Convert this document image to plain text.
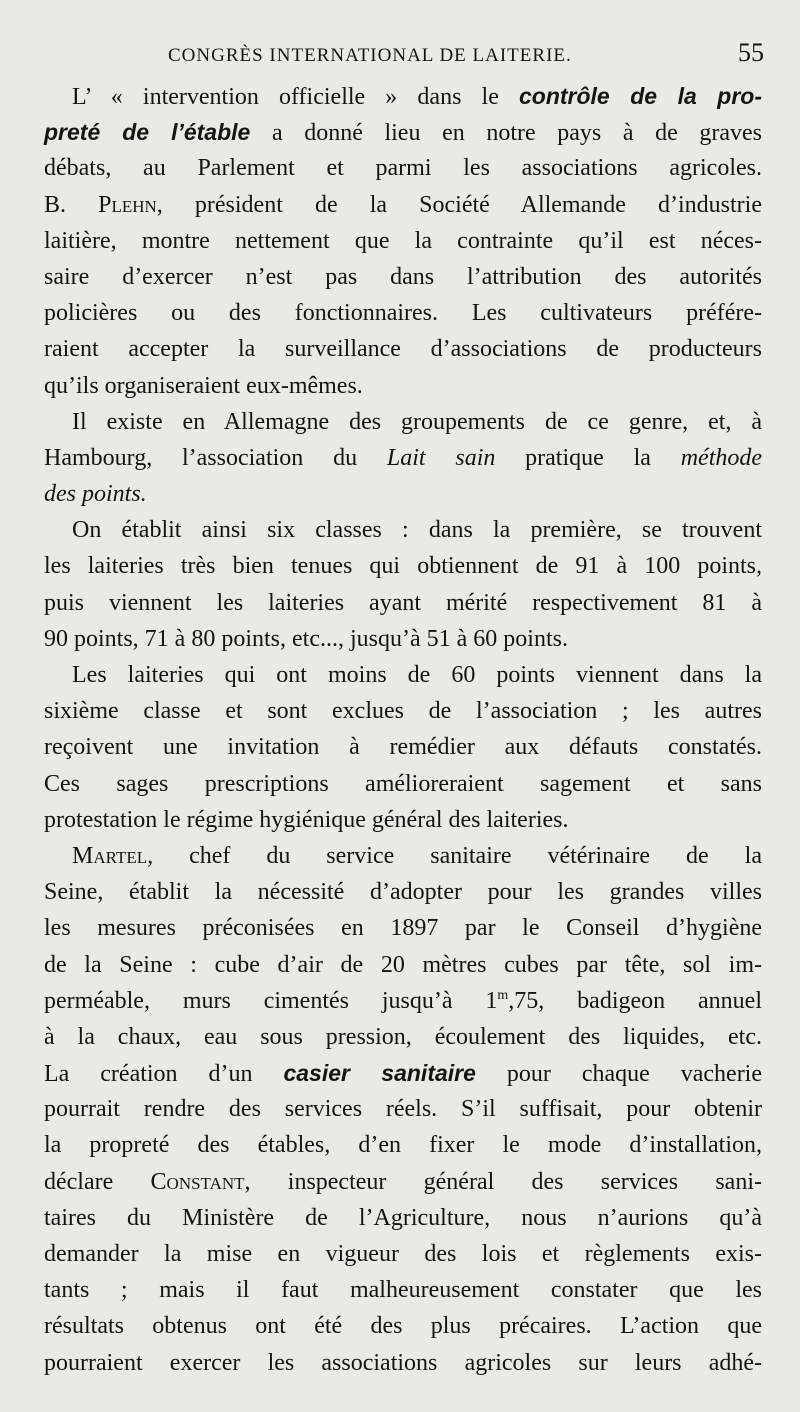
CONGRÈS INTERNATIONAL DE LAITERIE.	55
L’ « intervention officielle » dans le contrôle de la pro-
preté de l’étable a donné lieu en notre pays à de graves
débats, au Parlement et parmi les associations agricoles.
B. Plehn, président de la Société Allemande d’industrie
laitière, montre nettement que la contrainte qu’il est néces-
saire d’exercer n’est pas dans l’attribution des autorités
policières ou des fonctionnaires. Les cultivateurs préfére-
raient accepter la surveillance d’associations de producteurs
qu’ils organiseraient eux-mêmes.
Il existe en Allemagne des groupements de ce genre, et, à
Hambourg, l’association du Lait sain pratique la méthode
des points.
On établit ainsi six classes : dans la première, se trouvent
les laiteries très bien tenues qui obtiennent de 91 à 100 points,
puis viennent les laiteries ayant mérité respectivement 81 à
90 points, 71 à 80 points, etc..., jusqu’à 51 à 60 points.
Les laiteries qui ont moins de 60 points viennent dans la
sixième classe et sont exclues de l’association ; les autres
reçoivent une invitation à remédier aux défauts constatés.
Ces sages prescriptions amélioreraient sagement et sans
protestation le régime hygiénique général des laiteries.
Martel, chef du service sanitaire vétérinaire de la
Seine, établit la nécessité d’adopter pour les grandes villes
les mesures préconisées en 1897 par le Conseil d’hygiène
de la Seine : cube d’air de 20 mètres cubes par tête, sol im-
perméable, murs cimentés jusqu’à 1$^m$,75, badigeon annuel
à la chaux, eau sous pression, écoulement des liquides, etc.
La création d’un casier sanitaire pour chaque vacherie
pourrait rendre des services réels. S’il suffisait, pour obtenir
la propreté des étables, d’en fixer le mode d’installation,
déclare Constant, inspecteur général des services sani-
taires du Ministère de l’Agriculture, nous n’aurions qu’à
demander la mise en vigueur des lois et règlements exis-
tants ; mais il faut malheureusement constater que les
résultats obtenus ont été des plus précaires. L’action que
pourraient exercer les associations agricoles sur leurs adhé-
